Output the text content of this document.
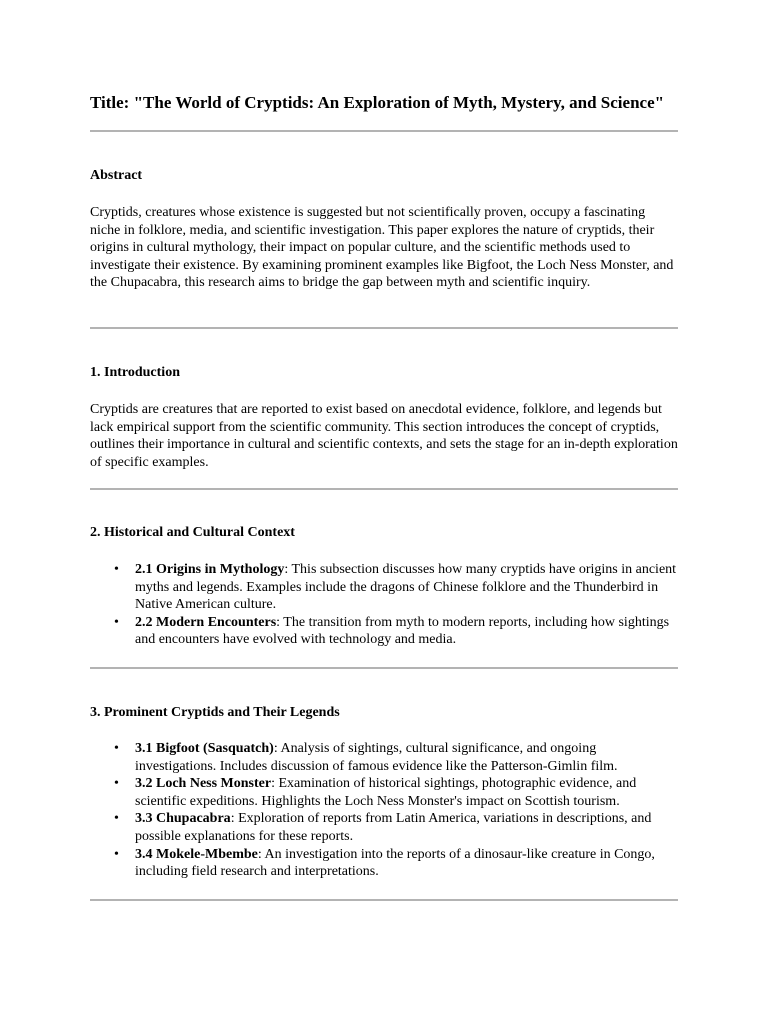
Title: "The World of Cryptids: An Exploration of Myth, Mystery, and Science"
Abstract

Cryptids, creatures whose existence is suggested but not scientifically proven, occupy a fascinating niche in folklore, media, and scientific investigation. This paper explores the nature of cryptids, their origins in cultural mythology, their impact on popular culture, and the scientific methods used to investigate their existence. By examining prominent examples like Bigfoot, the Loch Ness Monster, and the Chupacabra, this research aims to bridge the gap between myth and scientific inquiry.

1. Introduction

Cryptids are creatures that are reported to exist based on anecdotal evidence, folklore, and legends but lack empirical support from the scientific community. This section introduces the concept of cryptids, outlines their importance in cultural and scientific contexts, and sets the stage for an in-depth exploration of specific examples.

2. Historical and Cultural Context
• 2.1 Origins in Mythology: This subsection discusses how many cryptids have origins in ancient myths and legends. Examples include the dragons of Chinese folklore and the Thunderbird in Native American culture.
• 2.2 Modern Encounters: The transition from myth to modern reports, including how sightings and encounters have evolved with technology and media.
3. Prominent Cryptids and Their Legends
• 3.1 Bigfoot (Sasquatch): Analysis of sightings, cultural significance, and ongoing investigations. Includes discussion of famous evidence like the Patterson-Gimlin film.
• 3.2 Loch Ness Monster: Examination of historical sightings, photographic evidence, and scientific expeditions. Highlights the Loch Ness Monster's impact on Scottish tourism.
• 3.3 Chupacabra: Exploration of reports from Latin America, variations in descriptions, and possible explanations for these reports.
• 3.4 Mokele-Mbembe: An investigation into the reports of a dinosaur-like creature in Congo, including field research and interpretations.
